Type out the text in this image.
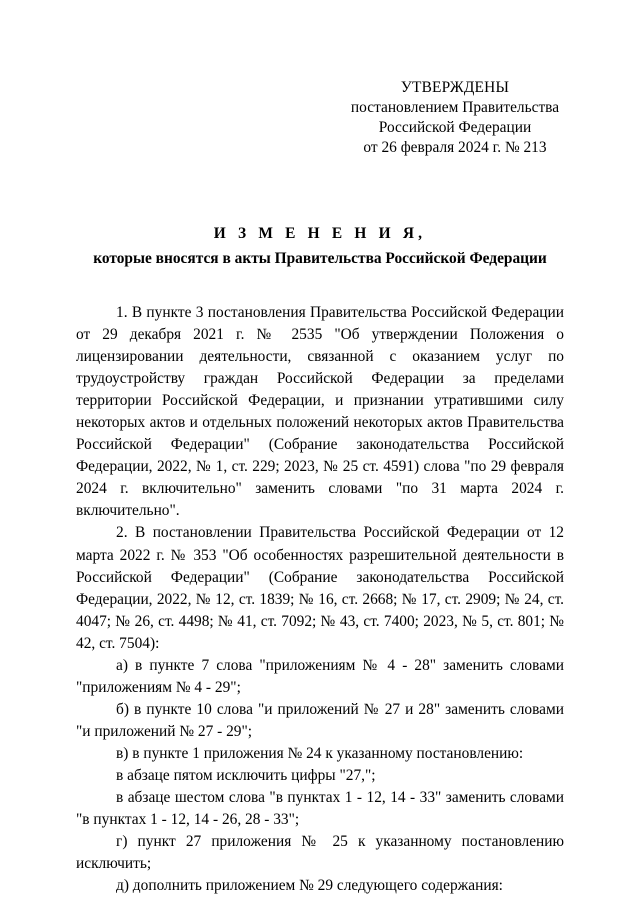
УТВЕРЖДЕНЫ
постановлением Правительства
Российской Федерации
от 26 февраля 2024 г. № 213
И З М Е Н Е Н И Я,
которые вносятся в акты Правительства Российской Федерации

1. В пункте 3 постановления Правительства Российской Федерации от 29 декабря 2021 г. № 2535 "Об утверждении Положения о лицензировании деятельности, связанной с оказанием услуг по трудоустройству граждан Российской Федерации за пределами территории Российской Федерации, и признании утратившими силу некоторых актов и отдельных положений некоторых актов Правительства Российской Федерации" (Собрание законодательства Российской Федерации, 2022, № 1, ст. 229; 2023, № 25 ст. 4591) слова "по 29 февраля 2024 г. включительно" заменить словами "по 31 марта 2024 г. включительно".

2. В постановлении Правительства Российской Федерации от 12 марта 2022 г. № 353 "Об особенностях разрешительной деятельности в Российской Федерации" (Собрание законодательства Российской Федерации, 2022, № 12, ст. 1839; № 16, ст. 2668; № 17, ст. 2909; № 24, ст. 4047; № 26, ст. 4498; № 41, ст. 7092; № 43, ст. 7400; 2023, № 5, ст. 801; № 42, ст. 7504):

а) в пункте 7 слова "приложениям № 4 - 28" заменить словами "приложениям № 4 - 29";

б) в пункте 10 слова "и приложений № 27 и 28" заменить словами "и приложений № 27 - 29";

в) в пункте 1 приложения № 24 к указанному постановлению:

в абзаце пятом исключить цифры "27,";

в абзаце шестом слова "в пунктах 1 - 12, 14 - 33" заменить словами "в пунктах 1 - 12, 14 - 26, 28 - 33";

г) пункт 27 приложения № 25 к указанному постановлению исключить;

д) дополнить приложением № 29 следующего содержания:
